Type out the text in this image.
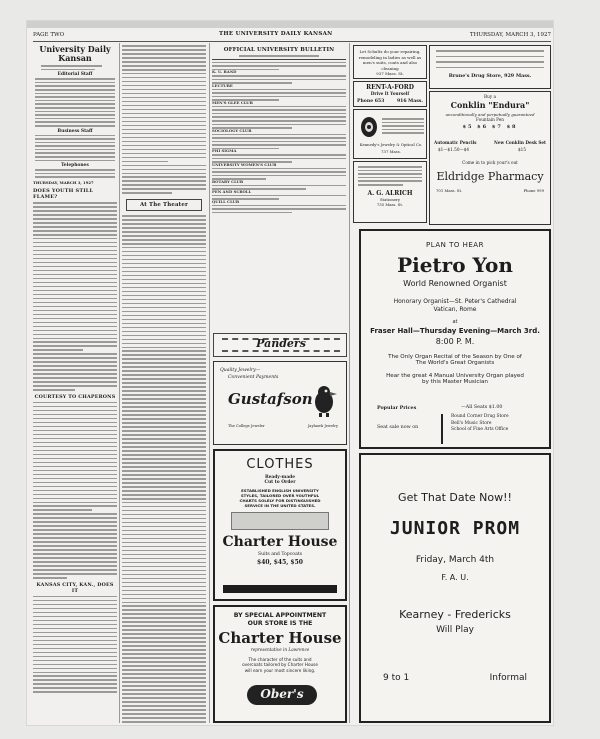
PAGE TWO	THE UNIVERSITY DAILY KANSAN	THURSDAY, MARCH 3, 1927
University Daily Kansan
Editorial Staff
Business Staff
Telephones
THURSDAY, MARCH 3, 1927
DOES YOUTH STILL FLAME?
COURTESY TO CHAPERONS
KANSAS CITY, KAN., DOES IT
At The Theater
OFFICIAL UNIVERSITY BULLETIN
K. U. BAND
LECTURE
MEN'S GLEE CLUB
SOCIOLOGY CLUB
PHI SIGMA
UNIVERSITY WOMEN'S CLUB
ROTARY CLUB
PEN AND SCROLL
QUILL CLUB
Panders
Quality Jewelry—
Convenient Payments
Gustafson
The College Jeweler	Jayhawk Jewelry
CLOTHES
Ready-made
Cut to Order
ESTABLISHED ENGLISH UNIVERSITY
STYLES, TAILORED OVER YOUTHFUL
CHARTS SOLELY FOR DISTINGUISHED
SERVICE IN THE UNITED STATES.
Charter House
Suits and Topcoats
$40, $45, $50
BY SPECIAL APPOINTMENT
OUR STORE IS THE
Charter House
representative in Lawrence
The character of the suits and
overcoats tailored by Charter House
will earn your most sincere liking.
Ober's
Let Schultz do your repairing,
remodeling in ladies as well as
men's suits, coats and also cleaning
937 Mass. St.
RENT-A-FORD
Drive It Yourself
Phone 653	916 Mass.
Kennedy's Jewelry & Optical Co.
737 Mass.
A. G. ALRICH
Stationery
735 Mass. St.
Brune's Drug Store, 929 Mass.
Buy a
Conklin "Endura"
unconditionally and perpetually guaranteed
Fountain Pen
$5 $6 $7 $8
Automatic Pencils
$1—$1.50—$4
New Conklin Desk Set
$15
Come in to pick your's out
Eldridge Pharmacy
701 Mass. St.	Phone 999
PLAN TO HEAR
Pietro Yon
World Renowned Organist
Honorary Organist—St. Peter's Cathedral
Vatican, Rome
at
Fraser Hall—Thursday Evening—March 3rd.
8:00 P. M.
The Only Organ Recital of the Season by One of
The World's Great Organists
Hear the great 4 Manual University Organ played
by this Master Musician
Popular Prices	—All Seats $1.00
Seat sale now on
Round Corner Drug Store
Bell's Music Store
School of Fine Arts Office
Get That Date Now!!
JUNIOR PROM
Friday, March 4th
F. A. U.
Kearney - Fredericks
Will Play
9 to 1	Informal
